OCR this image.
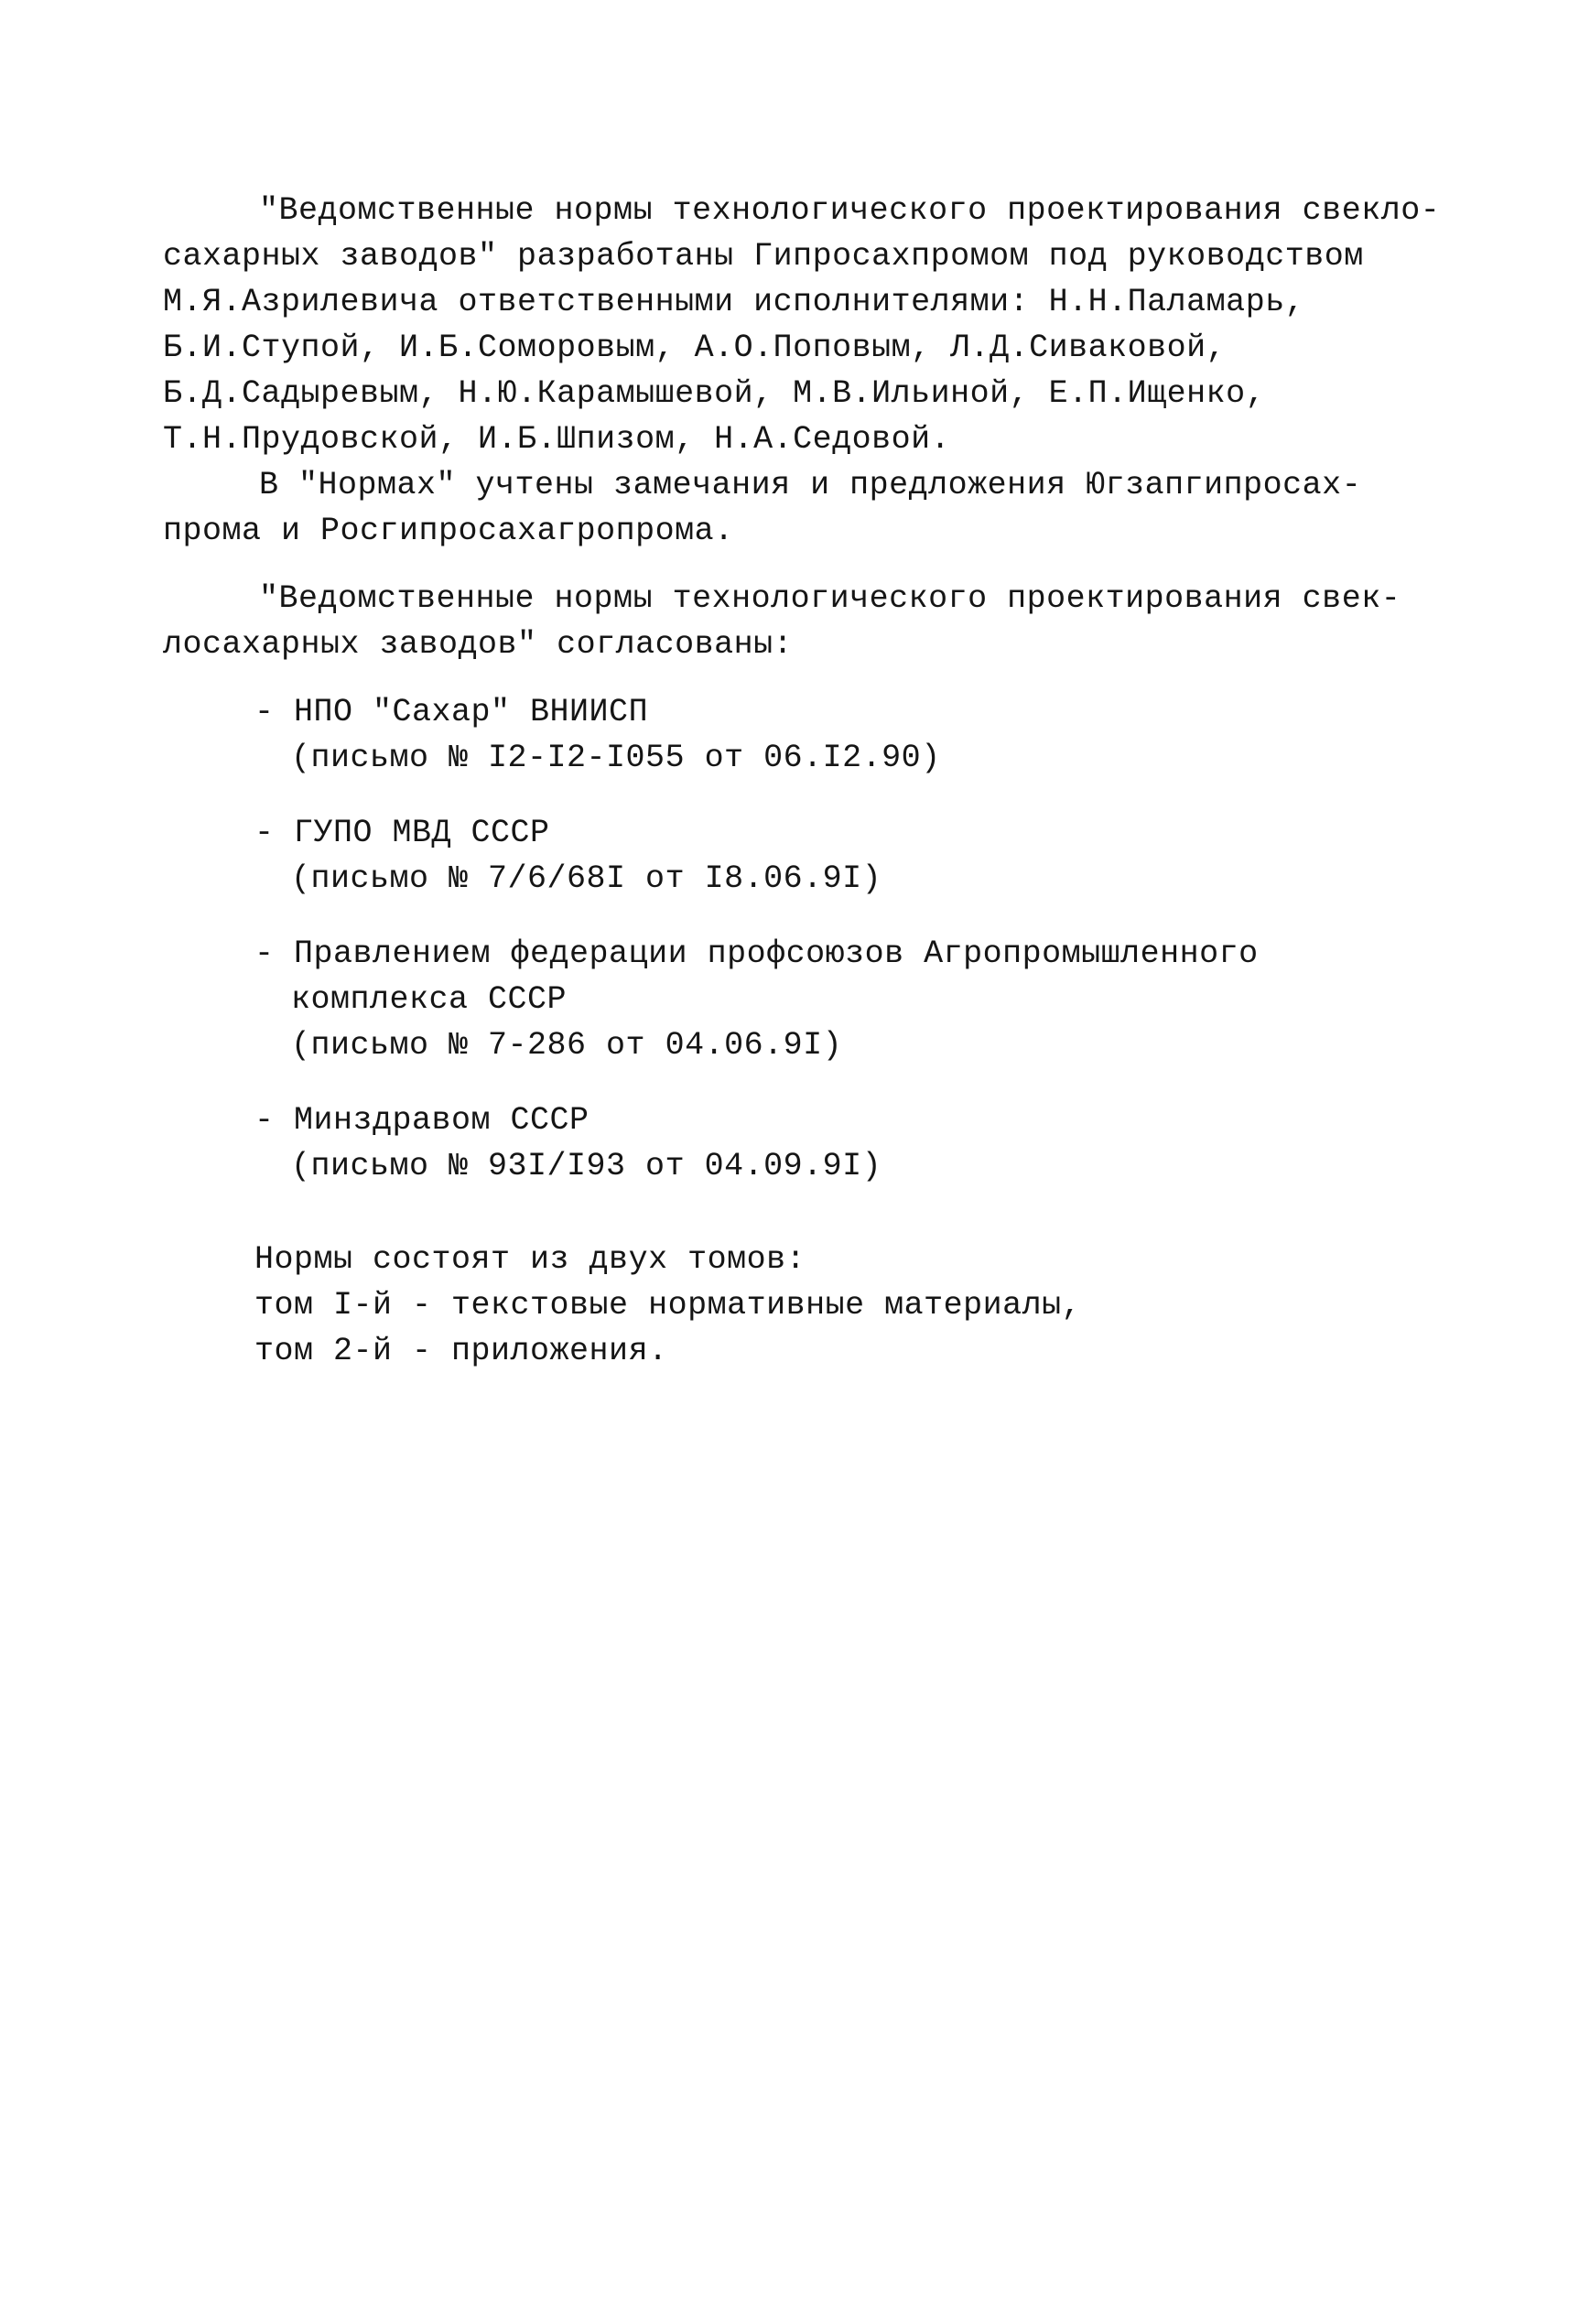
"Ведомственные нормы технологического проектирования свекло-
сахарных заводов" разработаны Гипросахпромом под руководством
М.Я.Азрилевича ответственными исполнителями: Н.Н.Паламарь,
Б.И.Ступой, И.Б.Соморовым, А.О.Поповым, Л.Д.Сиваковой,
Б.Д.Садыревым, Н.Ю.Карамышевой, М.В.Ильиной, Е.П.Ищенко,
Т.Н.Прудовской, И.Б.Шпизом, Н.А.Седовой.
В "Нормах" учтены замечания и предложения Югзапгипросах-
прома и Росгипросахагропрома.
"Ведомственные нормы технологического проектирования свек-
лосахарных заводов" согласованы:
- НПО "Сахар" ВНИИСП
(письмо № I2-I2-I055 от 06.I2.90)
- ГУПО МВД СССР
(письмо № 7/6/68I от I8.06.9I)
- Правлением федерации профсоюзов Агропромышленного
комплекса СССР
(письмо № 7-286 от 04.06.9I)
- Минздравом СССР
(письмо № 93I/I93 от 04.09.9I)
Нормы состоят из двух томов:
том I-й - текстовые нормативные материалы,
том 2-й - приложения.
